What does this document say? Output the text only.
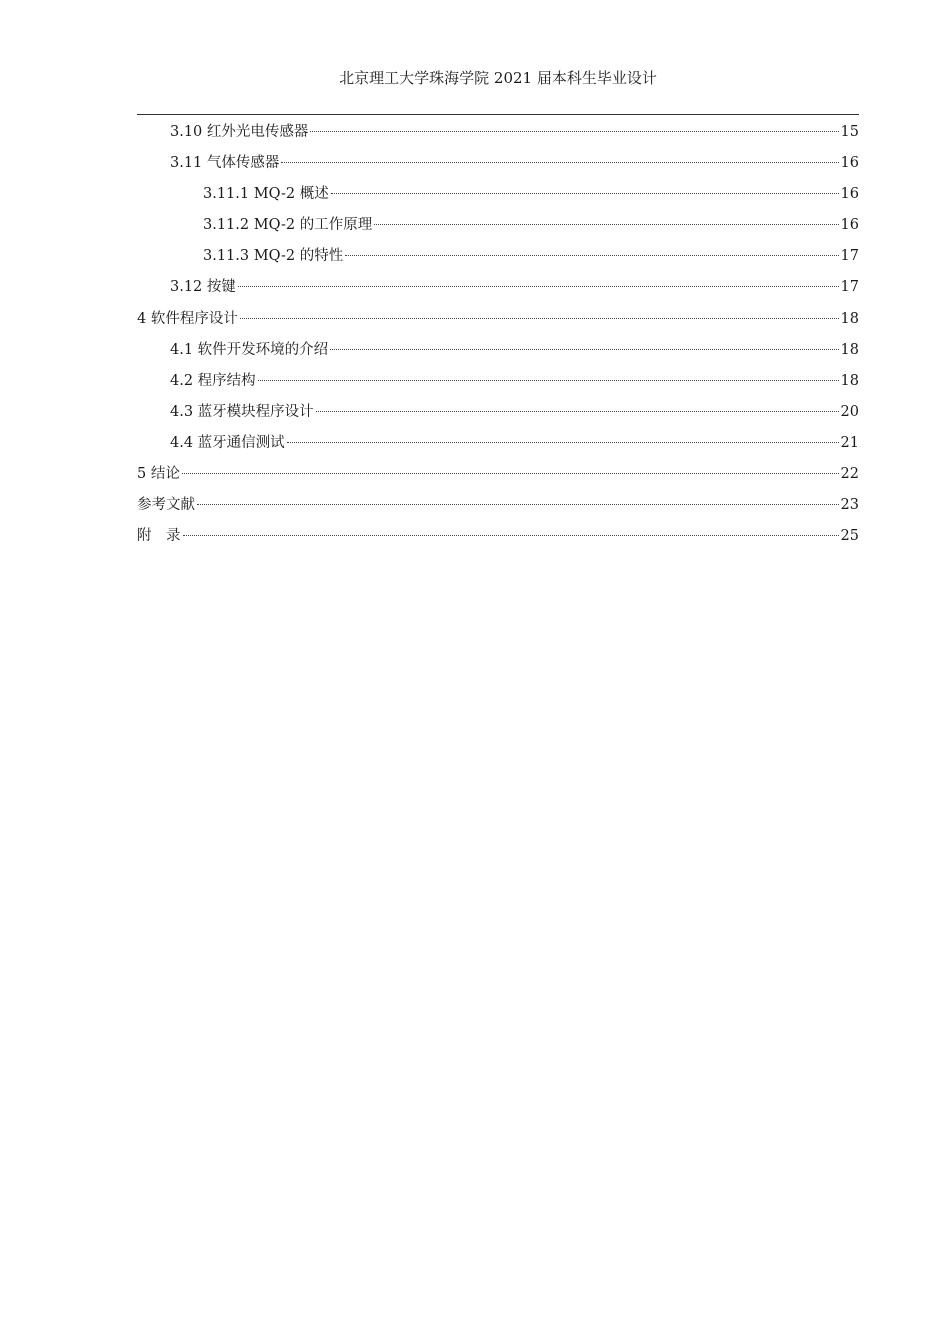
北京理工大学珠海学院 2021 届本科生毕业设计
3.10 红外光电传感器	15
3.11 气体传感器	16
3.11.1 MQ-2 概述	16
3.11.2 MQ-2 的工作原理	16
3.11.3 MQ-2 的特性	17
3.12 按键	17
4 软件程序设计	18
4.1 软件开发环境的介绍	18
4.2 程序结构	18
4.3 蓝牙模块程序设计	20
4.4 蓝牙通信测试	21
5 结论	22
参考文献	23
附　录	25
